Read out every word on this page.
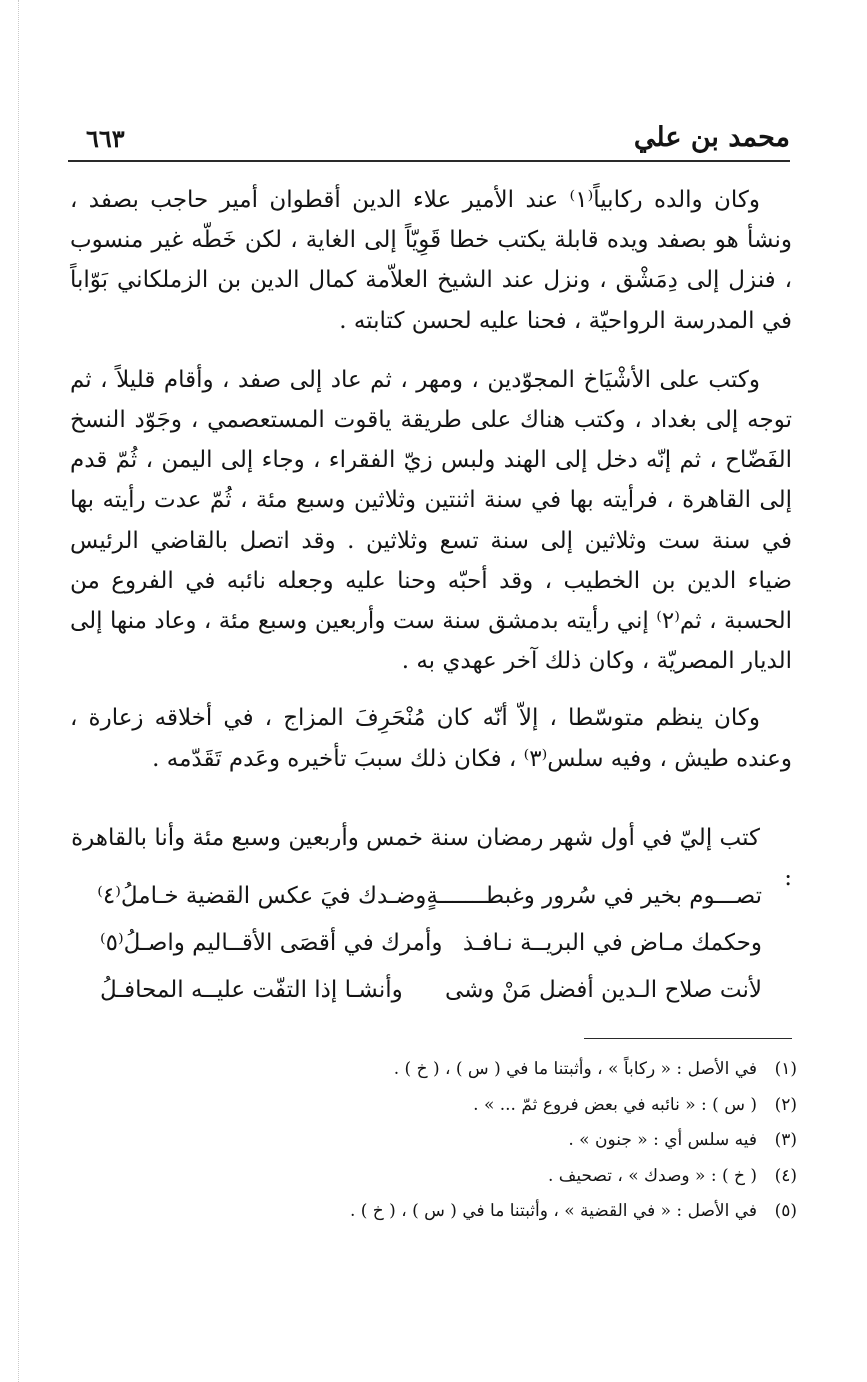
محمد بن علي
٦٦٣

وكان والده ركابياً⁽١⁾ عند الأمير علاء الدين أقطوان أمير حاجب بصفد ، ونشأ هو بصفد ويده قابلة يكتب خطا قَوِيّاً إلى الغاية ، لكن خَطّه غير منسوب ، فنزل إلى دِمَشْق ، ونزل عند الشيخ العلاّمة كمال الدين بن الزملكاني بَوّاباً في المدرسة الرواحيّة ، فحنا عليه لحسن كتابته .

وكتب على الأشْيَاخ المجوّدين ، ومهر ، ثم عاد إلى صفد ، وأقام قليلاً ، ثم توجه إلى بغداد ، وكتب هناك على طريقة ياقوت المستعصمي ، وجَوّد النسخ الفَضّاح ، ثم إنّه دخل إلى الهند ولبس زيّ الفقراء ، وجاء إلى اليمن ، ثُمّ قدم إلى القاهرة ، فرأيته بها في سنة اثنتين وثلاثين وسبع مئة ، ثُمّ عدت رأيته بها في سنة ست وثلاثين إلى سنة تسع وثلاثين . وقد اتصل بالقاضي الرئيس ضياء الدين بن الخطيب ، وقد أحبّه وحنا عليه وجعله نائبه في الفروع من الحسبة ، ثم⁽٢⁾ إني رأيته بدمشق سنة ست وأربعين وسبع مئة ، وعاد منها إلى الديار المصريّة ، وكان ذلك آخر عهدي به .

وكان ينظم متوسّطا ، إلاّ أنّه كان مُنْحَرِفَ المزاج ، في أخلاقه زعارة ، وعنده طيش ، وفيه سلس⁽٣⁾ ، فكان ذلك سببَ تأخيره وعَدم تَقَدّمه .

كتب إليّ في أول شهر رمضان سنة خمس وأربعين وسبع مئة وأنا بالقاهرة :
تصـــوم بخير في سُرور وغبطـــــــةٍ
وضـدك فيَ عكس القضية خـاملُ⁽٤⁾
وحكمك مـاض في البريــة نـافـذ
وأمرك في أقصَى الأقــاليم واصـلُ⁽٥⁾
لأنت صلاح الـدين أفضل مَنْ وشى
وأنشـا إذا التفّت عليــه المحافـلُ
(١)
في الأصل : « ركاباً » ، وأثبتنا ما في ( س ) ، ( خ ) .
(٢)
( س ) : « نائبه في بعض فروع ثمّ ... » .
(٣)
فيه سلس أي : « جنون » .
(٤)
( خ ) : « وصدك » ، تصحيف .
(٥)
في الأصل : « في القضية » ، وأثبتنا ما في ( س ) ، ( خ ) .
